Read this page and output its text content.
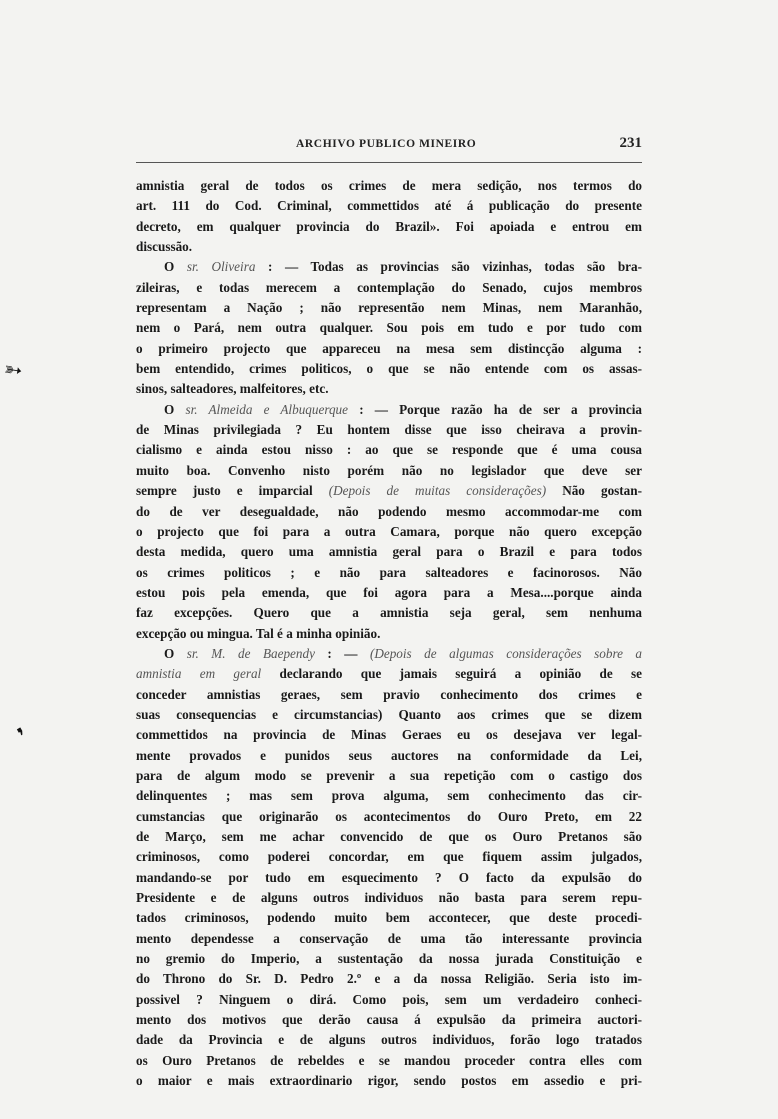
ARCHIVO PUBLICO MINEIRO	231
amnistia geral de todos os crimes de mera sedição, nos termos do
art. 111 do Cod. Criminal, commettidos até á publicação do presente
decreto, em qualquer provincia do Brazil». Foi apoiada e entrou em
discussão.
O sr. Oliveira : — Todas as provincias são vizinhas, todas são bra-
zileiras, e todas merecem a contemplação do Senado, cujos membros
representam a Nação ; não representão nem Minas, nem Maranhão,
nem o Pará, nem outra qualquer. Sou pois em tudo e por tudo com
o primeiro projecto que appareceu na mesa sem distincção alguma :
bem entendido, crimes politicos, o que se não entende com os assas-
sinos, salteadores, malfeitores, etc.
O sr. Almeida e Albuquerque : — Porque razão ha de ser a provincia
de Minas privilegiada ? Eu hontem disse que isso cheirava a provin-
cialismo e ainda estou nisso : ao que se responde que é uma cousa
muito boa. Convenho nisto porém não no legislador que deve ser
sempre justo e imparcial (Depois de muitas considerações) Não gostan-
do de ver desegualdade, não podendo mesmo accommodar-me com
o projecto que foi para a outra Camara, porque não quero excepção
desta medida, quero uma amnistia geral para o Brazil e para todos
os crimes politicos ; e não para salteadores e facinorosos. Não
estou pois pela emenda, que foi agora para a Mesa....porque ainda
faz excepções. Quero que a amnistia seja geral, sem nenhuma
excepção ou mingua. Tal é a minha opinião.
O sr. M. de Baependy : — (Depois de algumas considerações sobre a
amnistia em geral declarando que jamais seguirá a opinião de se
conceder amnistias geraes, sem pravio conhecimento dos crimes e
suas consequencias e circumstancias) Quanto aos crimes que se dizem
commettidos na provincia de Minas Geraes eu os desejava ver legal-
mente provados e punidos seus auctores na conformidade da Lei,
para de algum modo se prevenir a sua repetição com o castigo dos
delinquentes ; mas sem prova alguma, sem conhecimento das cir-
cumstancias que originarão os acontecimentos do Ouro Preto, em 22
de Março, sem me achar convencido de que os Ouro Pretanos são
criminosos, como poderei concordar, em que fiquem assim julgados,
mandando-se por tudo em esquecimento ? O facto da expulsão do
Presidente e de alguns outros individuos não basta para serem repu-
tados criminosos, podendo muito bem accontecer, que deste procedi-
mento dependesse a conservação de uma tão interessante provincia
no gremio do Imperio, a sustentação da nossa jurada Constituição e
do Throno do Sr. D. Pedro 2.º e a da nossa Religião. Seria isto im-
possivel ? Ninguem o dirá. Como pois, sem um verdadeiro conheci-
mento dos motivos que derão causa á expulsão da primeira auctori-
dade da Provincia e de alguns outros individuos, forão logo tratados
os Ouro Pretanos de rebeldes e se mandou proceder contra elles com
o maior e mais extraordinario rigor, sendo postos em assedio e pri-
➳
❜
